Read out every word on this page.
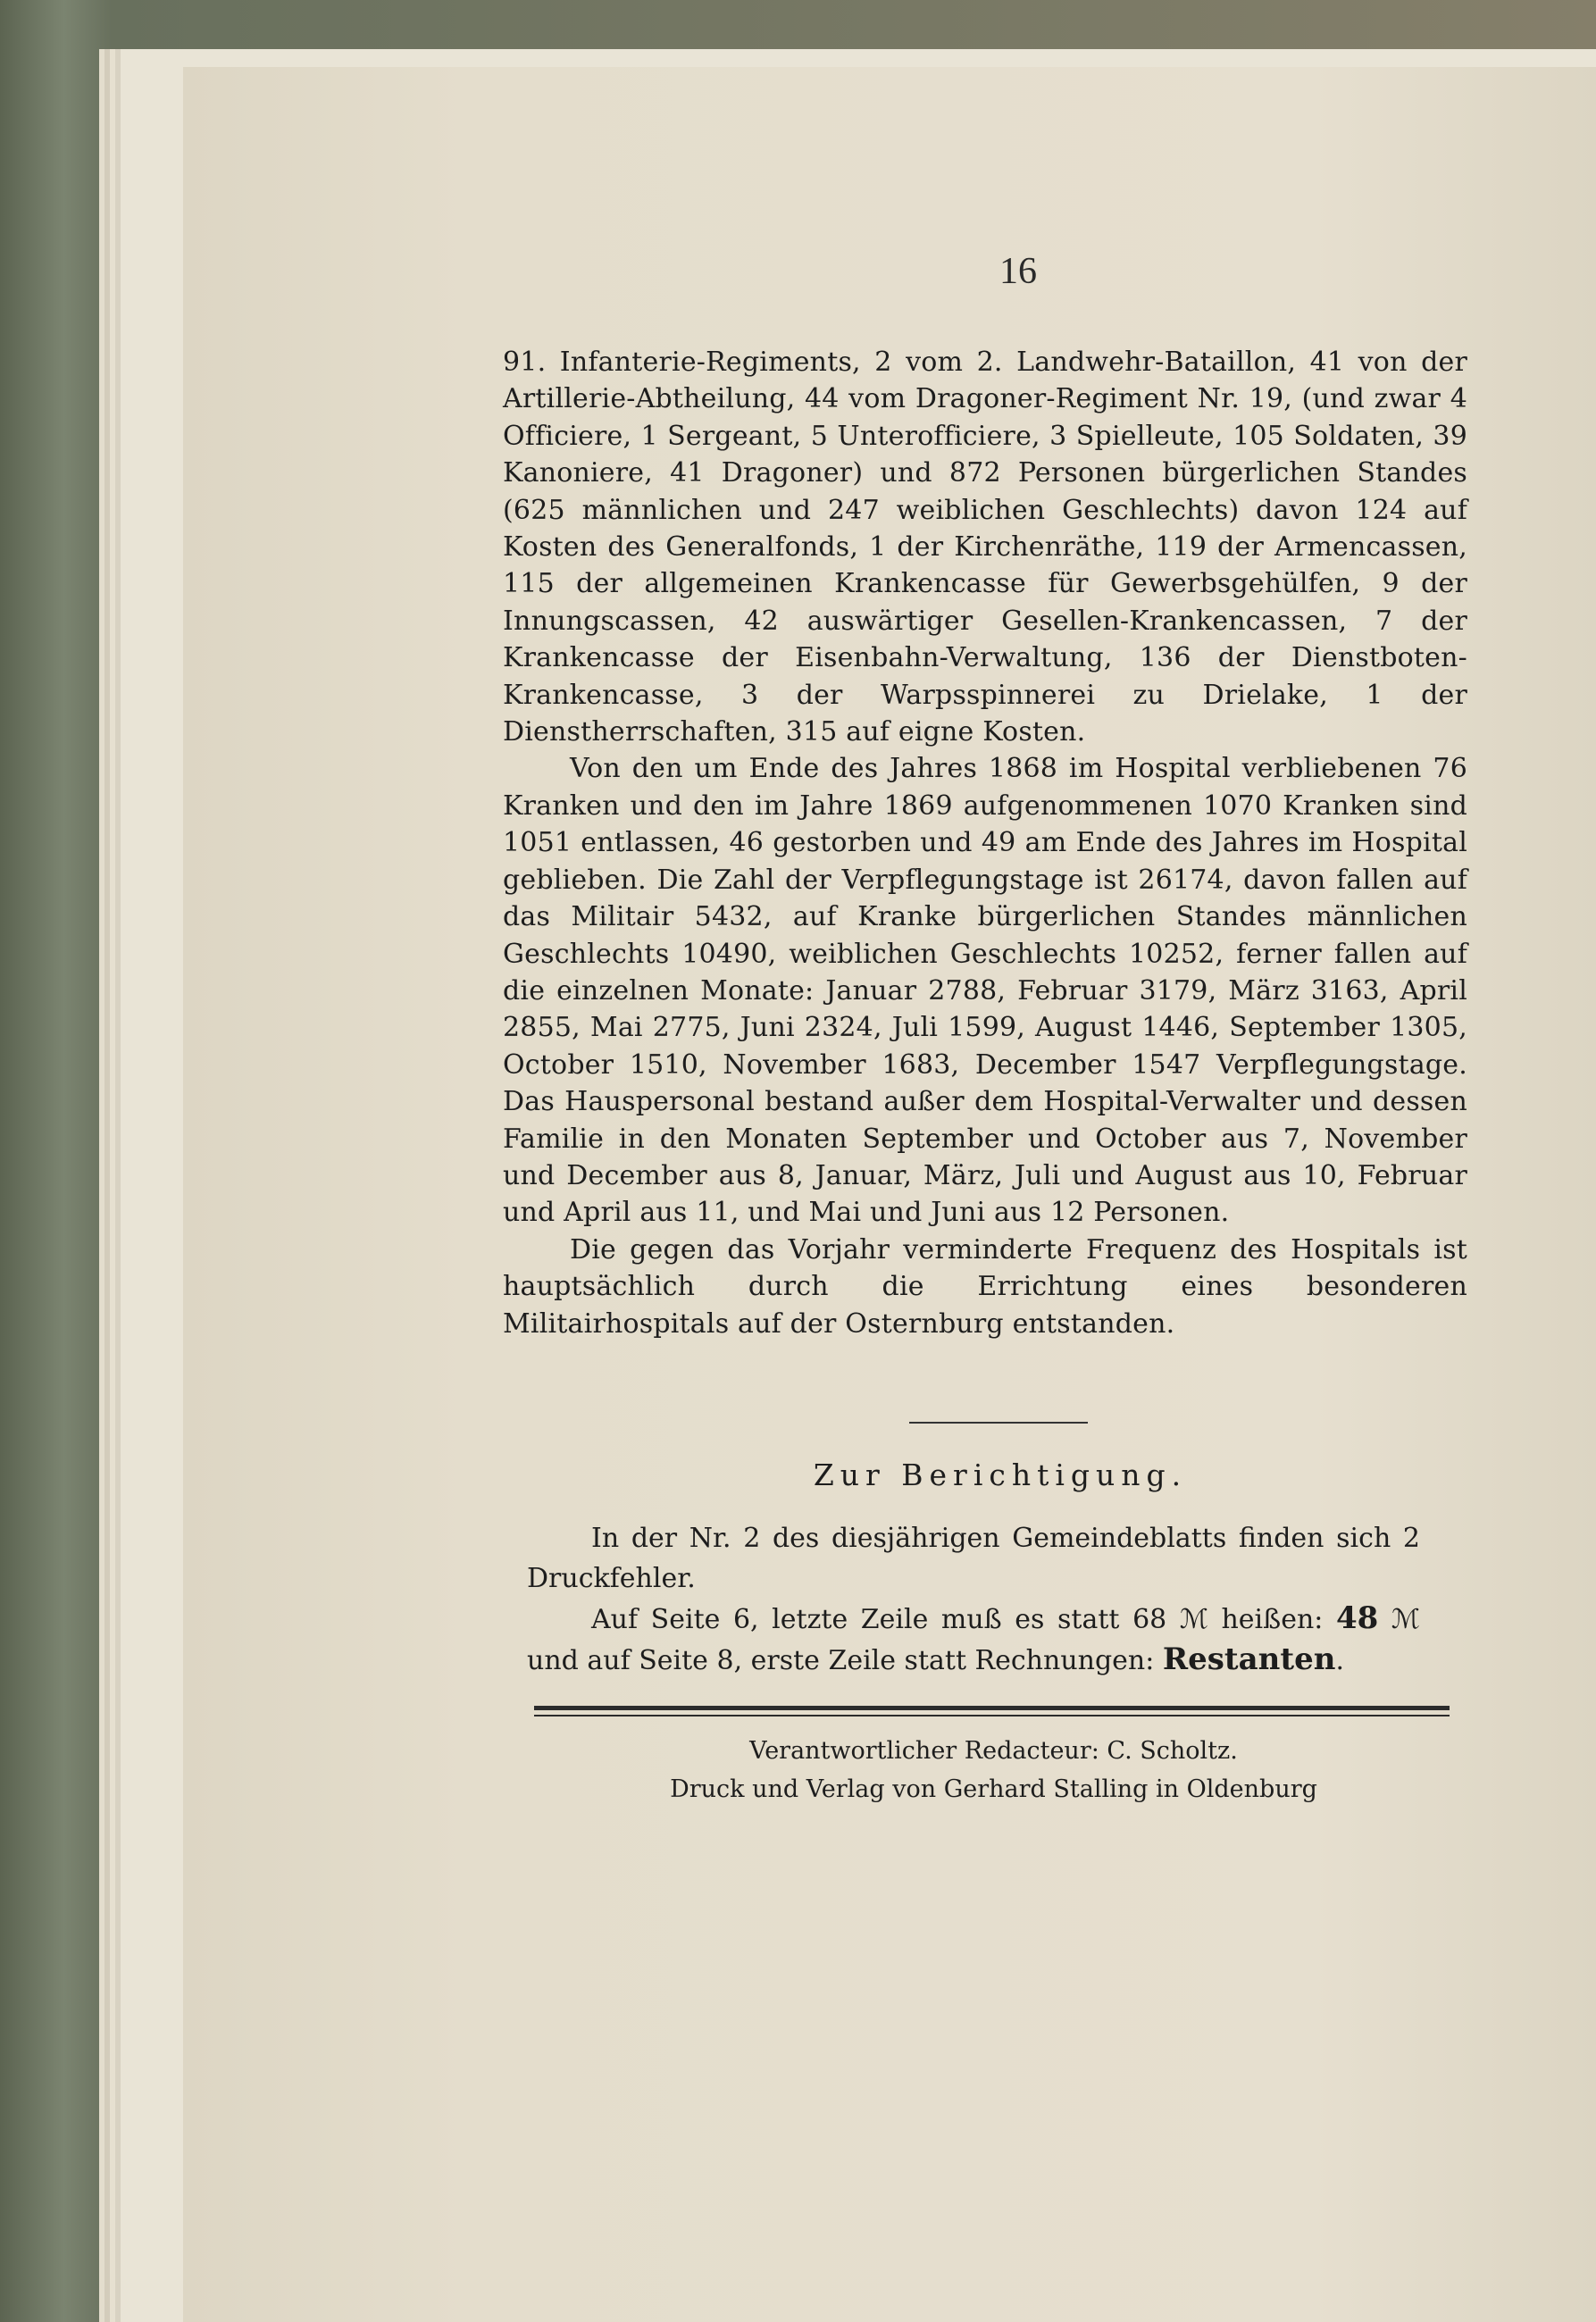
16

91. Infanterie-Regiments, 2 vom 2. Landwehr-Bataillon, 41 von der Artillerie-Abtheilung, 44 vom Dragoner-Regiment Nr. 19, (und zwar 4 Officiere, 1 Sergeant, 5 Unterofficiere, 3 Spielleute, 105 Soldaten, 39 Kanoniere, 41 Dragoner) und 872 Personen bürgerlichen Standes (625 männlichen und 247 weiblichen Geschlechts) davon 124 auf Kosten des Generalfonds, 1 der Kirchenräthe, 119 der Armencassen, 115 der allgemeinen Krankencasse für Gewerbsgehülfen, 9 der Innungscassen, 42 auswärtiger Gesellen-Krankencassen, 7 der Krankencasse der Eisenbahn-Verwaltung, 136 der Dienstboten-Krankencasse, 3 der Warpsspinnerei zu Drielake, 1 der Dienstherrschaften, 315 auf eigne Kosten.

Von den um Ende des Jahres 1868 im Hospital verbliebenen 76 Kranken und den im Jahre 1869 aufgenommenen 1070 Kranken sind 1051 entlassen, 46 gestorben und 49 am Ende des Jahres im Hospital geblieben. Die Zahl der Verpflegungstage ist 26174, davon fallen auf das Militair 5432, auf Kranke bürgerlichen Standes männlichen Geschlechts 10490, weiblichen Geschlechts 10252, ferner fallen auf die einzelnen Monate: Januar 2788, Februar 3179, März 3163, April 2855, Mai 2775, Juni 2324, Juli 1599, August 1446, September 1305, October 1510, November 1683, December 1547 Verpflegungstage. Das Hauspersonal bestand außer dem Hospital-Verwalter und dessen Familie in den Monaten September und October aus 7, November und December aus 8, Januar, März, Juli und August aus 10, Februar und April aus 11, und Mai und Juni aus 12 Personen.

Die gegen das Vorjahr verminderte Frequenz des Hospitals ist hauptsächlich durch die Errichtung eines besonderen Militairhospitals auf der Osternburg entstanden.

Zur Berichtigung.

In der Nr. 2 des diesjährigen Gemeindeblatts finden sich 2 Druckfehler.

Auf Seite 6, letzte Zeile muß es statt 68 ℳ heißen: 48 ℳ und auf Seite 8, erste Zeile statt Rechnungen: Restanten.

Verantwortlicher Redacteur: C. Scholtz.
Druck und Verlag von Gerhard Stalling in Oldenburg
